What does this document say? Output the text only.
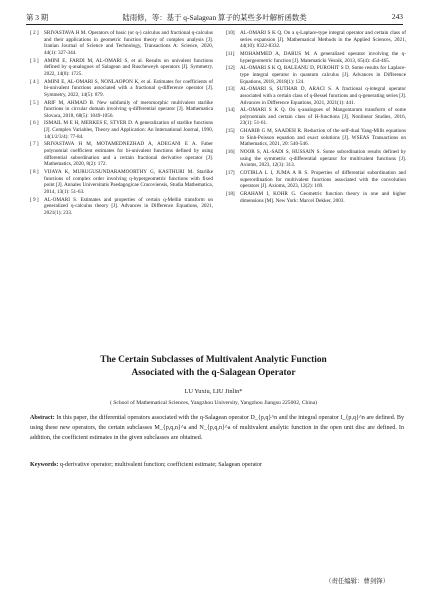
第 3 期	陆雨修，等：基于 q-Salagean 算子的某些多叶解析函数类	243
[ 2 ] SRIVASTAVA H M. Operators of basic (or q-) calculus and fractional q-calculus and their applications in geometric function theory of complex analysis [J]. Iranian Journal of Science and Technology, Transactions A: Science, 2020, 44(1): 327-344.
[ 3 ] AMINI E, FARDI M, AL-OMARI S, et al. Results on univalent functions defined by q-analogues of Salagean and Ruscheweyh operators [J]. Symmetry, 2022, 14(8): 1725.
[ 4 ] AMINI E, AL-OMARI S, NONLAOPON K, et al. Estimates for coefficients of bi-univalent functions associated with a fractional q-difference operator [J]. Symmetry, 2022, 14(5): 879.
[ 5 ] ARIF M, AHMAD B. New subfamily of meromorphic multivalent starlike functions in circular domain involving q-differential operator [J]. Mathematica Slovaca, 2018, 68(5): 1049-1056.
[ 6 ] ISMAIL M E H, MERKES E, STYER D. A generalization of starlike functions [J]. Complex Variables, Theory and Application: An International Journal, 1990, 14(1/2/3/4): 77-84.
[ 7 ] SRIVASTAVA H M, MOTAMEDNEZHAD A, ADEGANI E A. Faber polynomial coefficient estimates for bi-univalent functions defined by using differential subordination and a certain fractional derivative operator [J]. Mathematics, 2020, 8(2): 172.
[ 8 ] VIJAYA K, MURUGUSUNDARAMOORTHY G, KASTHURI M. Starlike functions of complex order involving q-hypergeometric functions with fixed point [J]. Annales Universitatis Paedagogicae Cracoviensis, Studia Mathematica, 2014, 13(1): 51-63.
[ 9 ] AL-OMARI S. Estimates and properties of certain q-Mellin transform on generalized q-calculus theory [J]. Advances in Difference Equations, 2021, 2021(1): 233.
[10] AL-OMARI S K Q. On a q-Laplace-type integral operator and certain class of series expansion [J]. Mathematical Methods in the Applied Sciences, 2021, 44(10): 8322-8332.
[11] MOHAMMED A, DARUS M. A generalized operator involving the q-hypergeometric function [J]. Matematicki Vesnik, 2013, 65(4): 454-465.
[12] AL-OMARI S K Q, BALEANU D, PUROHIT S D. Some results for Laplace-type integral operator in quantum calculus [J]. Advances in Difference Equations, 2018, 2018(1): 124.
[13] AL-OMARI S, SUTHAR D, ARACI S. A fractional q-integral operator associated with a certain class of q-Bessel functions and q-generating series [J]. Advances in Difference Equations, 2021, 2021(1): 441.
[14] AL-OMARI S K Q. On q-analogues of Mangontarum transform of some polynomials and certain class of H-functions [J]. Nonlinear Studies, 2016, 23(1): 51-61.
[15] GHARIB G M, SAADEH R. Reduction of the self-dual Yang-Mills equations to Sinh-Poisson equation and exact solutions [J]. WSEAS Transactions on Mathematics, 2021, 20: 540-546.
[16] NOOR S, AL-SADI S, HUSSAIN S. Some subordination results defined by using the symmetric q-differential operator for multivalent functions [J]. Axioms, 2023, 12(3): 313.
[17] COTIRLA L I, JUMA A R S. Properties of differential subordination and superordination for multivalent functions associated with the convolution operators [J]. Axioms, 2023, 12(2): 169.
[18] GRAHAM I, KOHR G. Geometric function theory in one and higher dimensions [M]. New York: Marcel Dekker, 2003.
The Certain Subclasses of Multivalent Analytic Function
Associated with the q-Salagean Operator
LU Yuxiu, LIU Jinlin*
( School of Mathematical Sciences, Yangzhou University, Yangzhou Jiangsu 225002, China)
Abstract: In this paper, the differential operators associated with the q-Salagean operator D_{p,q}^n and the integral operator I_{p,q}^n are defined. By using these new operators, the certain subclasses M_{p,q,n}^a and N_{p,q,n}^a of multivalent analytic function in the open unit disc are defined. In addition, the coefficient estimates in the given subclasses are obtained.
Keywords: q-derivative operator; multivalent function; coefficient estimate; Salagean operator
（责任编辑：曹剑锋）
